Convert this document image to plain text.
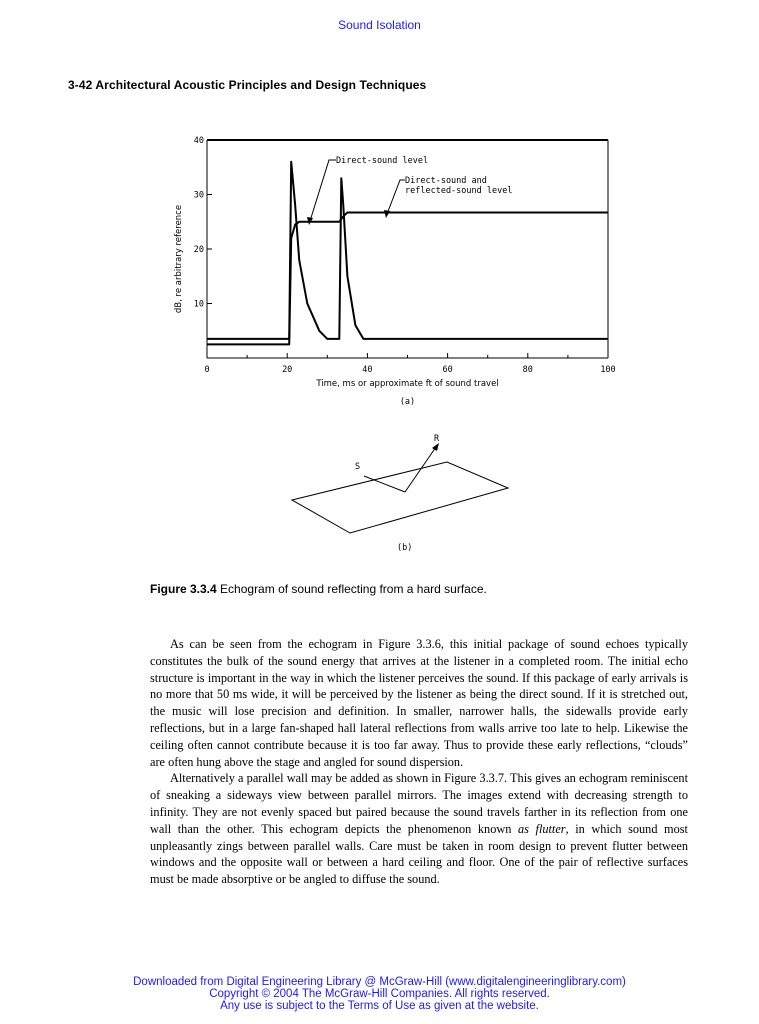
Sound Isolation
3-42 Architectural Acoustic Principles and Design Techniques
10
20
30
40
0	20	40	60	80	100
Time, ms or approximate ft of sound travel
dB, re arbitrary reference
(a)
Direct-sound level
Direct-sound and
reflected-sound level
S
R
(b)
Figure 3.3.4 Echogram of sound reflecting from a hard surface.

As can be seen from the echogram in Figure 3.3.6, this initial package of sound echoes typically constitutes the bulk of the sound energy that arrives at the listener in a completed room. The initial echo structure is important in the way in which the listener perceives the sound. If this package of early arrivals is no more that 50 ms wide, it will be perceived by the listener as being the direct sound. If it is stretched out, the music will lose precision and definition. In smaller, narrower halls, the sidewalls provide early reflections, but in a large fan-shaped hall lateral reflections from walls arrive too late to help. Likewise the ceiling often cannot contribute because it is too far away. Thus to provide these early reflections, “clouds” are often hung above the stage and angled for sound dispersion.

Alternatively a parallel wall may be added as shown in Figure 3.3.7. This gives an echogram reminiscent of sneaking a sideways view between parallel mirrors. The images extend with decreasing strength to infinity. They are not evenly spaced but paired because the sound travels farther in its reflection from one wall than the other. This echogram depicts the phenomenon known as flutter, in which sound most unpleasantly zings between parallel walls. Care must be taken in room design to prevent flutter between windows and the opposite wall or between a hard ceiling and floor. One of the pair of reflective surfaces must be made absorptive or be angled to diffuse the sound.

Downloaded from Digital Engineering Library @ McGraw-Hill (www.digitalengineeringlibrary.com)
Copyright © 2004 The McGraw-Hill Companies. All rights reserved.
Any use is subject to the Terms of Use as given at the website.
